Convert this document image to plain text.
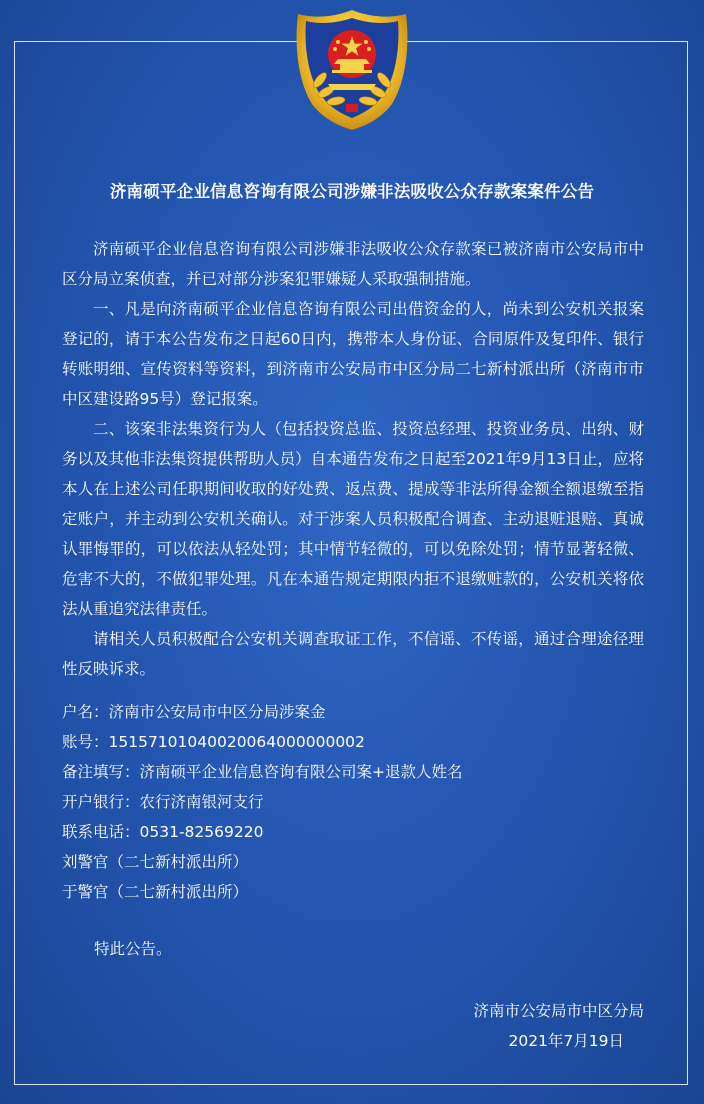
济南硕平企业信息咨询有限公司涉嫌非法吸收公众存款案案件公告

济南硕平企业信息咨询有限公司涉嫌非法吸收公众存款案已被济南市公安局市中区分局立案侦查，并已对部分涉案犯罪嫌疑人采取强制措施。

一、凡是向济南硕平企业信息咨询有限公司出借资金的人，尚未到公安机关报案登记的，请于本公告发布之日起60日内，携带本人身份证、合同原件及复印件、银行转账明细、宣传资料等资料，到济南市公安局市中区分局二七新村派出所（济南市市中区建设路95号）登记报案。

二、该案非法集资行为人（包括投资总监、投资总经理、投资业务员、出纳、财务以及其他非法集资提供帮助人员）自本通告发布之日起至2021年9月13日止，应将本人在上述公司任职期间收取的好处费、返点费、提成等非法所得金额全额退缴至指定账户，并主动到公安机关确认。对于涉案人员积极配合调查、主动退赃退赔、真诚认罪悔罪的，可以依法从轻处罚；其中情节轻微的，可以免除处罚；情节显著轻微、危害不大的，不做犯罪处理。凡在本通告规定期限内拒不退缴赃款的，公安机关将依法从重追究法律责任。

请相关人员积极配合公安机关调查取证工作，不信谣、不传谣，通过合理途径理性反映诉求。

户名：济南市公安局市中区分局涉案金
账号：15157101040020064000000002
备注填写：济南硕平企业信息咨询有限公司案+退款人姓名
开户银行：农行济南银河支行
联系电话：0531-82569220
刘警官（二七新村派出所）
于警官（二七新村派出所）
特此公告。
济南市公安局市中区分局
2021年7月19日
